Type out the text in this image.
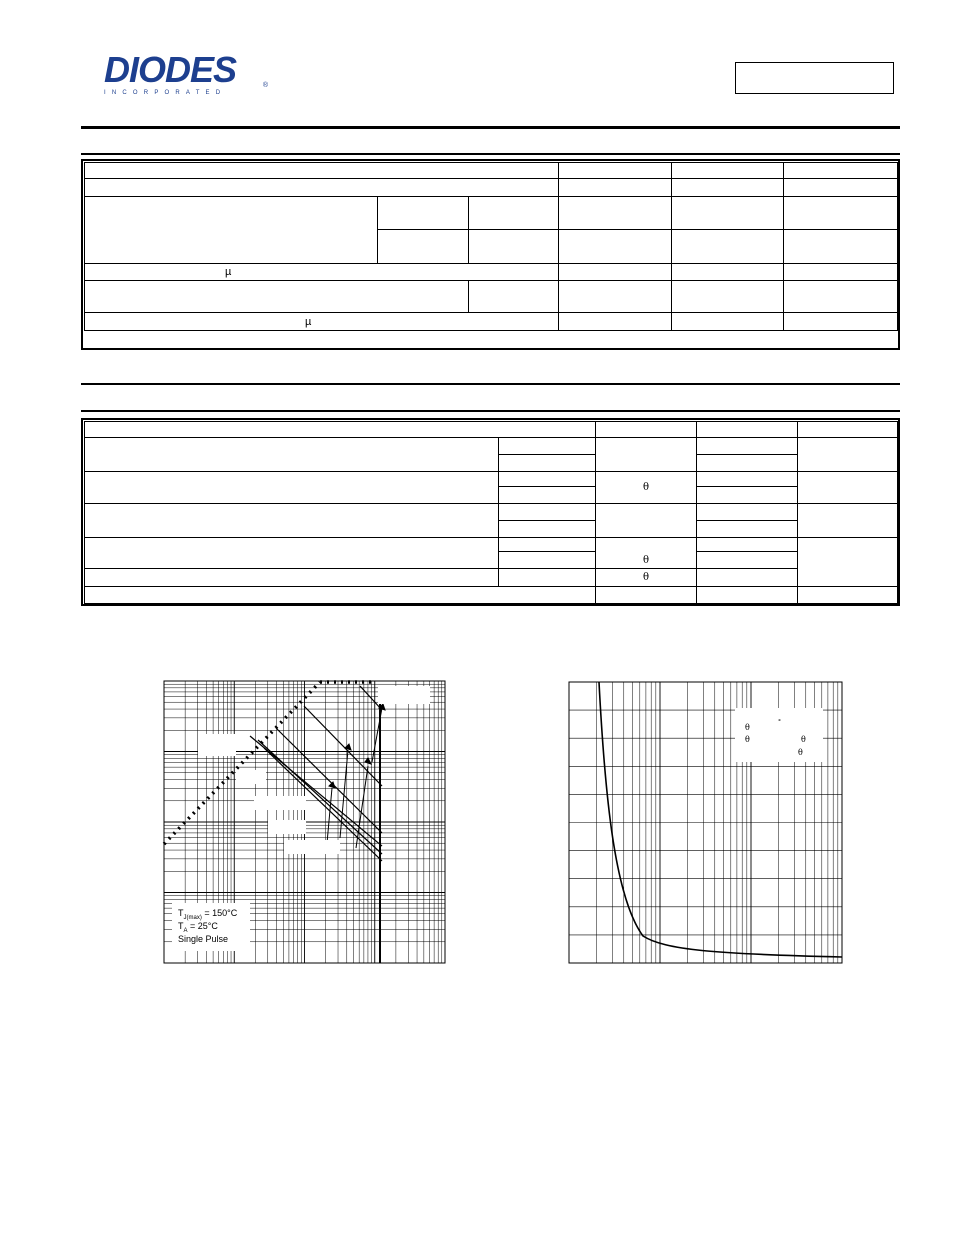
DIODES
INCORPORATED
®

µ					

µ					

		θ		

		θ		

		θ		

$T_{J(max)} = 150^\circ C$
$T_A = 25^\circ C$
Single Pulse
θ
°
θ	θ
θ
